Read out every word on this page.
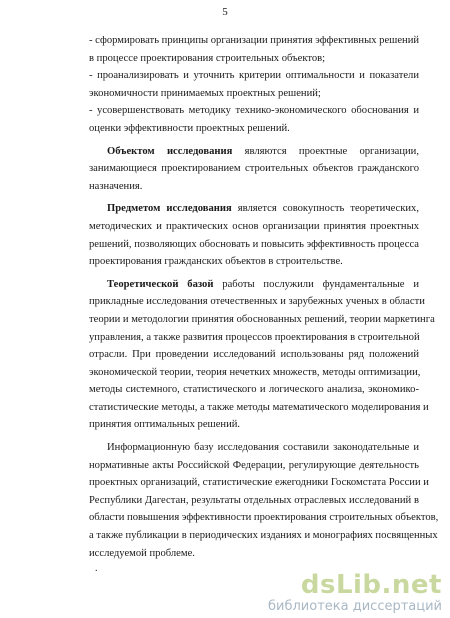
5
- сформировать принципы организации принятия эффективных решений
в процессе проектирования строительных объектов;
- проанализировать и уточнить критерии оптимальности и показатели
экономичности принимаемых проектных решений;
- усовершенствовать методику технико-экономического обоснования и
оценки эффективности проектных решений.
Объектом исследования являются проектные организации,
занимающиеся проектированием строительных объектов гражданского
назначения.
Предметом исследования является совокупность теоретических,
методических и практических основ организации принятия проектных
решений, позволяющих обосновать и повысить эффективность процесса
проектирования гражданских объектов в строительстве.
Теоретической базой работы послужили фундаментальные и
прикладные исследования отечественных и зарубежных ученых в области
теории и методологии принятия обоснованных решений, теории маркетинга
управления, а также развития процессов проектирования в строительной
отрасли. При проведении исследований использованы ряд положений
экономической теории, теория нечетких множеств, методы оптимизации,
методы системного, статистического и логического анализа, экономико-
статистические методы, а также методы математического моделирования и
принятия оптимальных решений.
Информационную базу исследования составили законодательные и
нормативные акты Российской Федерации, регулирующие деятельность
проектных организаций, статистические ежегодники Госкомстата России и
Республики Дагестан, результаты отдельных отраслевых исследований в
области повышения эффективности проектирования строительных объектов,
а также публикации в периодических изданиях и монографиях посвященных
исследуемой проблеме.
.
dsLib.net
библиотека диссертаций
